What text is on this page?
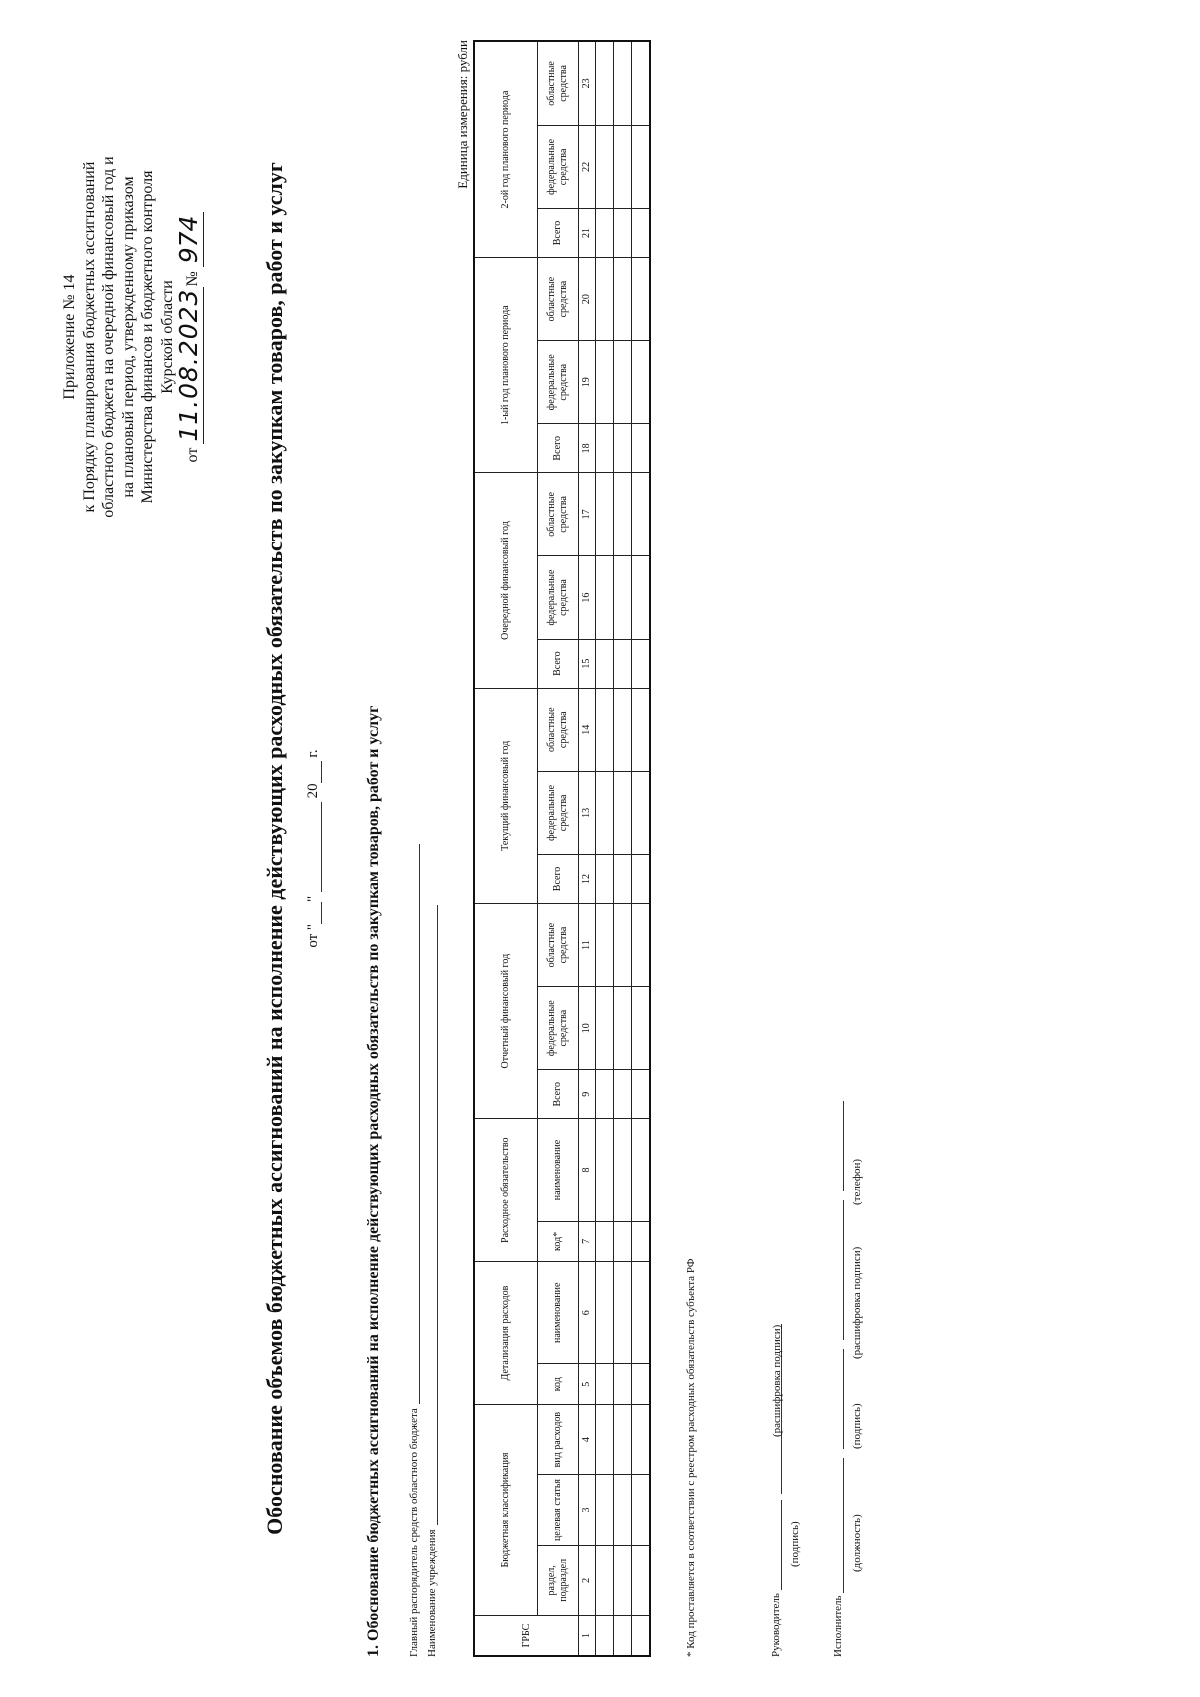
Приложение № 14 к Порядку планирования бюджетных ассигнований областного бюджета на очередной финансовый год и на плановый период, утвержденному приказом Министерства финансов и бюджетного контроля Курской области
от 11.08.2023№ 974	Обоснование объемов бюджетных ассигнований на исполнение действующих расходных обязательств по закупкам товаров, работ и услуг от ""  20 г.	1. Обоснование бюджетных ассигнований на исполнение действующих расходных обязательств по закупкам товаров, работ и услуг Главный распорядитель средств областного бюджета Наименование учреждения
Единица измерения: рубли
ГРБС	Бюджетная классификация			Детализация расходов		Расходное обязательство		Отчетный финансовый год			Текущий финансовый год			Очередной финансовый год			1-ый год планового периода			2-ой год планового периода		
	раздел, подраздел	целевая статья	вид расходов	код	наименование	код*	наименование	Всего	федеральные средства	областные средства	Всего	федеральные средства	областные средства	Всего	федеральные средства	областные средства	Всего	федеральные средства	областные средства	Всего	федеральные средства	областные средства
1	2	3	4	5	6	7	8	9	10	11	12	13	14	15	16	17	18	19	20	21	22	23

* Код проставляется в соответствии с реестром расходных обязательств субъекта РФ	Руководитель
(подпись)
(расшифровка подписи)
Исполнитель
(должность)
(подпись)
(расшифровка подписи)
(телефон)
